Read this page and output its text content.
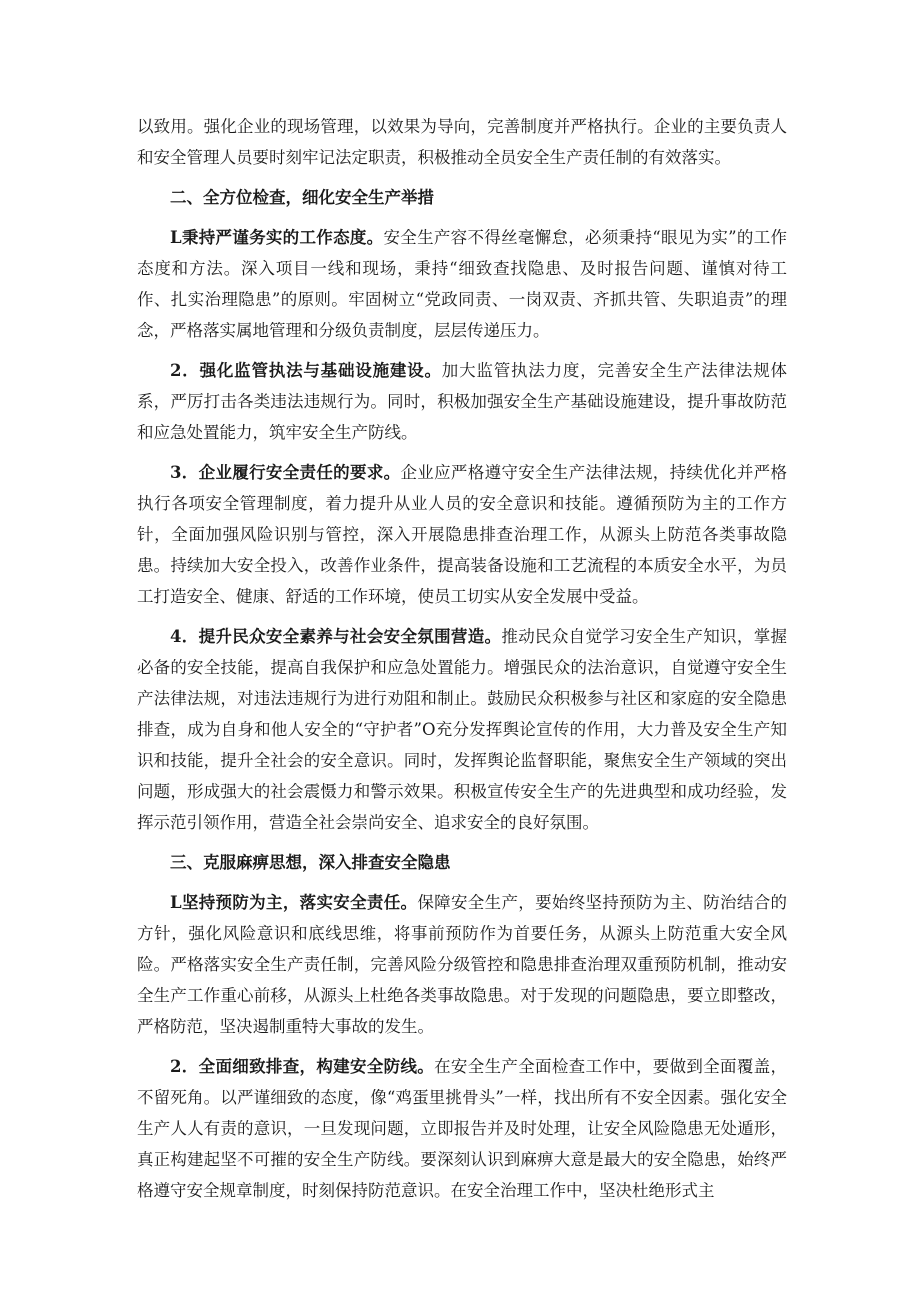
以致用。强化企业的现场管理，以效果为导向，完善制度并严格执行。企业的主要负责人和安全管理人员要时刻牢记法定职责，积极推动全员安全生产责任制的有效落实。

二、全方位检查，细化安全生产举措

L秉持严谨务实的工作态度。安全生产容不得丝毫懈怠，必须秉持“眼见为实”的工作态度和方法。深入项目一线和现场，秉持“细致查找隐患、及时报告问题、谨慎对待工作、扎实治理隐患”的原则。牢固树立“党政同责、一岗双责、齐抓共管、失职追责”的理念，严格落实属地管理和分级负责制度，层层传递压力。

2．强化监管执法与基础设施建设。加大监管执法力度，完善安全生产法律法规体系，严厉打击各类违法违规行为。同时，积极加强安全生产基础设施建设，提升事故防范和应急处置能力，筑牢安全生产防线。

3．企业履行安全责任的要求。企业应严格遵守安全生产法律法规，持续优化并严格执行各项安全管理制度，着力提升从业人员的安全意识和技能。遵循预防为主的工作方针，全面加强风险识别与管控，深入开展隐患排查治理工作，从源头上防范各类事故隐患。持续加大安全投入，改善作业条件，提高装备设施和工艺流程的本质安全水平，为员工打造安全、健康、舒适的工作环境，使员工切实从安全发展中受益。

4．提升民众安全素养与社会安全氛围营造。推动民众自觉学习安全生产知识，掌握必备的安全技能，提高自我保护和应急处置能力。增强民众的法治意识，自觉遵守安全生产法律法规，对违法违规行为进行劝阻和制止。鼓励民众积极参与社区和家庭的安全隐患排查，成为自身和他人安全的“守护者”O充分发挥舆论宣传的作用，大力普及安全生产知识和技能，提升全社会的安全意识。同时，发挥舆论监督职能，聚焦安全生产领域的突出问题，形成强大的社会震慑力和警示效果。积极宣传安全生产的先进典型和成功经验，发挥示范引领作用，营造全社会崇尚安全、追求安全的良好氛围。

三、克服麻痹思想，深入排查安全隐患

L坚持预防为主，落实安全责任。保障安全生产，要始终坚持预防为主、防治结合的方针，强化风险意识和底线思维，将事前预防作为首要任务，从源头上防范重大安全风险。严格落实安全生产责任制，完善风险分级管控和隐患排查治理双重预防机制，推动安全生产工作重心前移，从源头上杜绝各类事故隐患。对于发现的问题隐患，要立即整改，严格防范，坚决遏制重特大事故的发生。

2．全面细致排查，构建安全防线。在安全生产全面检查工作中，要做到全面覆盖，不留死角。以严谨细致的态度，像“鸡蛋里挑骨头”一样，找出所有不安全因素。强化安全生产人人有责的意识，一旦发现问题，立即报告并及时处理，让安全风险隐患无处遁形，真正构建起坚不可摧的安全生产防线。要深刻认识到麻痹大意是最大的安全隐患，始终严格遵守安全规章制度，时刻保持防范意识。在安全治理工作中，坚决杜绝形式主
